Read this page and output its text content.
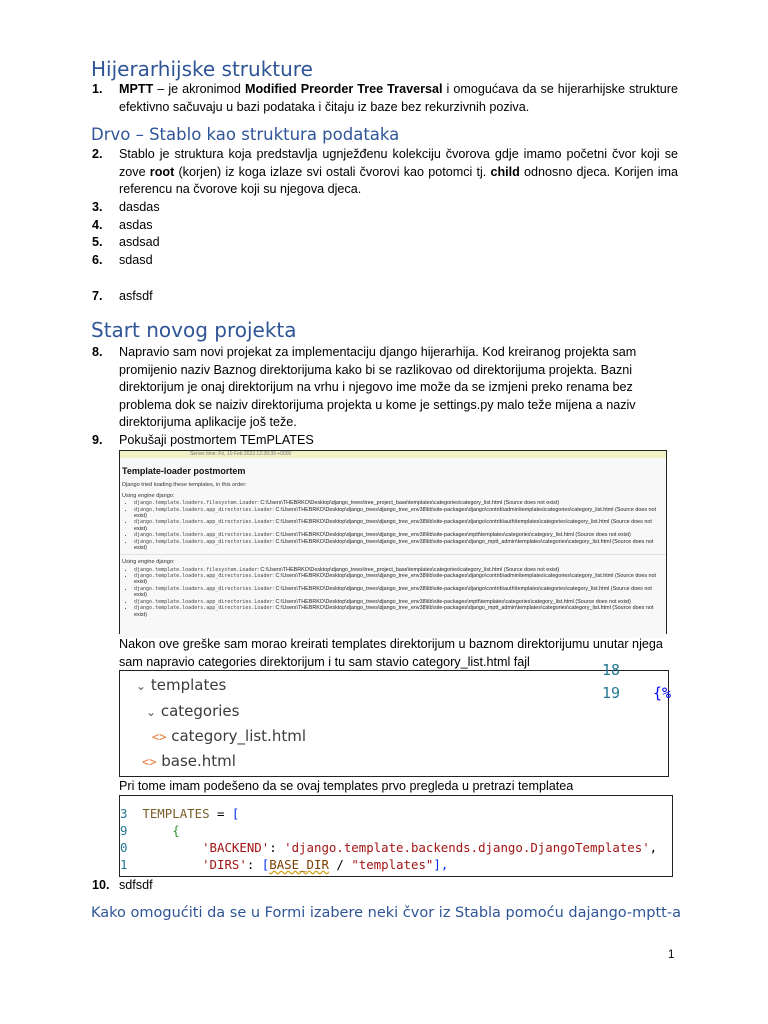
Hijerarhijske strukture
1.	MPTT – je akronimod Modified Preorder Tree Traversal i omogućava da se hijerarhijske strukture efektivno sačuvaju u bazi podataka i čitaju iz baze bez rekurzivnih poziva.
Drvo – Stablo kao struktura podataka
2.	Stablo je struktura koja predstavlja ugnježđenu kolekciju čvorova gdje imamo početni čvor koji se zove root (korjen) iz koga izlaze svi ostali čvorovi kao potomci tj. child odnosno djeca. Korijen ima referencu na čvorove koji su njegova djeca.
3.	dasdas
4.	asdas
5.	asdsad
6.	sdasd
7.	asfsdf
Start novog projekta
8.	Napravio sam novi projekat za implementaciju django hijerarhija. Kod kreiranog projekta sam promijenio naziv Baznog direktorijuma kako bi se razlikovao od direktorijuma projekta. Bazni direktorijum je onaj direktorijum na vrhu i njegovo ime može da se izmjeni preko renama bez problema dok se naiziv direktorijuma projekta u kome je settings.py malo teže mijena a naziv direktorijuma aplikacije još teže.
9.	Pokušaji postmortem TEmPLATES
Server time: Fri, 10 Feb 2023 12:39:39 +0000
Template-loader postmortem
Django tried loading these templates, in this order:
Using engine django:
• django.template.loaders.filesystem.Loader: C:\Users\THEBRKO\Desktop\django_trees\tree_project_base\templates\categories\category_list.html (Source does not exist)
• django.template.loaders.app_directories.Loader: C:\Users\THEBRKO\Desktop\django_trees\django_tree_env38\lib\site-packages\django\contrib\admin\templates\categories\category_list.html (Source does not exist)
• django.template.loaders.app_directories.Loader: C:\Users\THEBRKO\Desktop\django_trees\django_tree_env38\lib\site-packages\django\contrib\auth\templates\categories\category_list.html (Source does not exist)
• django.template.loaders.app_directories.Loader: C:\Users\THEBRKO\Desktop\django_trees\django_tree_env38\lib\site-packages\mptt\templates\categories\category_list.html (Source does not exist)
• django.template.loaders.app_directories.Loader: C:\Users\THEBRKO\Desktop\django_trees\django_tree_env38\lib\site-packages\django_mptt_admin\templates\categories\category_list.html (Source does not exist)
Using engine django:
• django.template.loaders.filesystem.Loader: C:\Users\THEBRKO\Desktop\django_trees\tree_project_base\templates\categories\category_list.html (Source does not exist)
• django.template.loaders.app_directories.Loader: C:\Users\THEBRKO\Desktop\django_trees\django_tree_env38\lib\site-packages\django\contrib\admin\templates\categories\category_list.html (Source does not exist)
• django.template.loaders.app_directories.Loader: C:\Users\THEBRKO\Desktop\django_trees\django_tree_env38\lib\site-packages\django\contrib\auth\templates\categories\category_list.html (Source does not exist)
• django.template.loaders.app_directories.Loader: C:\Users\THEBRKO\Desktop\django_trees\django_tree_env38\lib\site-packages\mptt\templates\categories\category_list.html (Source does not exist)
• django.template.loaders.app_directories.Loader: C:\Users\THEBRKO\Desktop\django_trees\django_tree_env38\lib\site-packages\django_mptt_admin\templates\categories\category_list.html (Source does not exist)
Nakon ove greške sam morao kreirati templates direktorijum u baznom direktorijumu unutar njega sam napravio categories direktorijum i tu sam stavio category_list.html fajl
⌄ templates
⌄ categories
<> category_list.html
<> base.html
18
19 {%
Pri tome imam podešeno da se ovaj templates prvo pregleda u pretrazi templatea
3 TEMPLATES = [
9	{
0	'BACKEND': 'django.template.backends.django.DjangoTemplates',
1	'DIRS': [BASE_DIR / "templates"],
10. sdfsdf
Kako omogućiti da se u Formi izabere neki čvor iz Stabla pomoću dajango-mptt-a
1
